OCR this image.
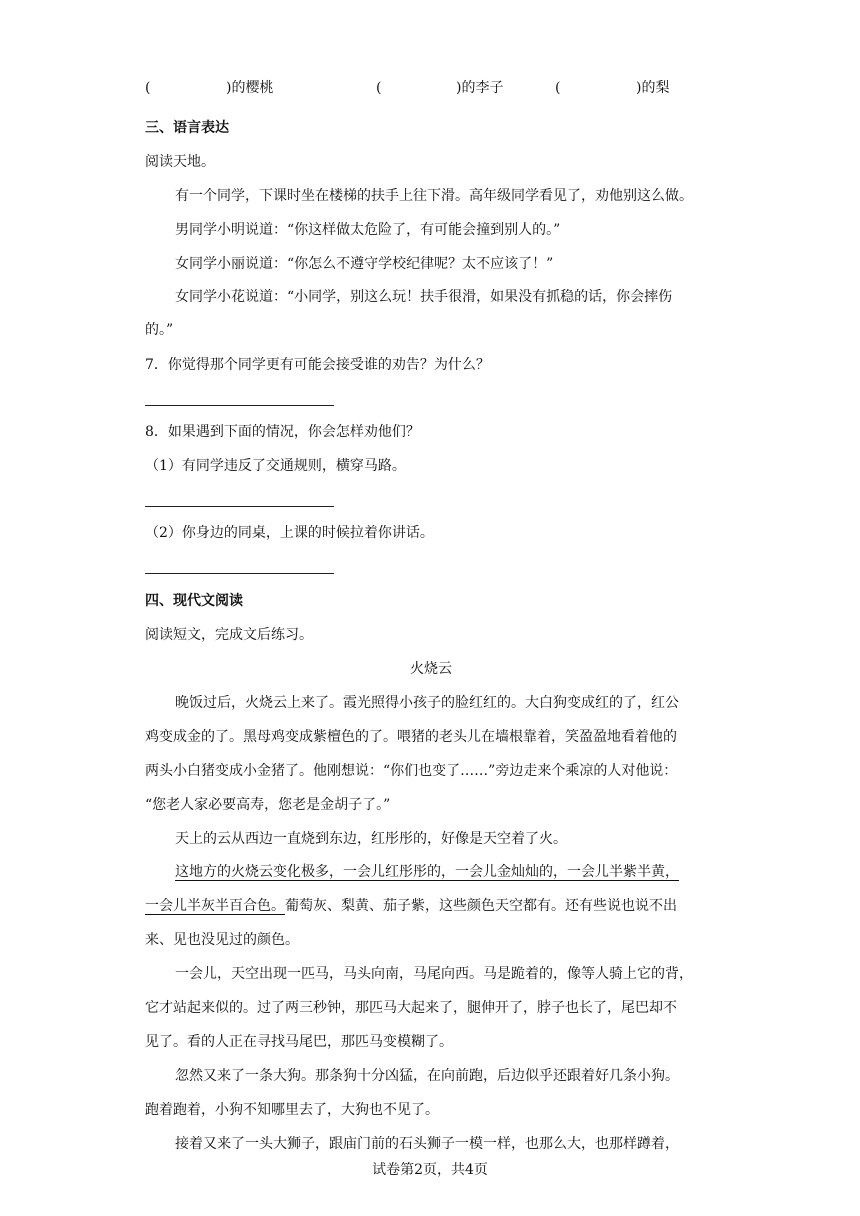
(	)的樱桃	(	)的李子	(	)的梨
三、语言表达
阅读天地。
有一个同学，下课时坐在楼梯的扶手上往下滑。高年级同学看见了，劝他别这么做。
男同学小明说道：“你这样做太危险了，有可能会撞到别人的。”
女同学小丽说道：“你怎么不遵守学校纪律呢？太不应该了！”
女同学小花说道：“小同学，别这么玩！扶手很滑，如果没有抓稳的话，你会摔伤
的。”
7．你觉得那个同学更有可能会接受谁的劝告？为什么？
8．如果遇到下面的情况，你会怎样劝他们？
（1）有同学违反了交通规则，横穿马路。
（2）你身边的同桌，上课的时候拉着你讲话。
四、现代文阅读
阅读短文，完成文后练习。
火烧云
晚饭过后，火烧云上来了。霞光照得小孩子的脸红红的。大白狗变成红的了，红公
鸡变成金的了。黑母鸡变成紫檀色的了。喂猪的老头儿在墙根靠着，笑盈盈地看着他的
两头小白猪变成小金猪了。他刚想说：“你们也变了……”旁边走来个乘凉的人对他说：
“您老人家必要高寿，您老是金胡子了。”
天上的云从西边一直烧到东边，红彤彤的，好像是天空着了火。
这地方的火烧云变化极多，一会儿红彤彤的，一会儿金灿灿的，一会儿半紫半黄，
一会儿半灰半百合色。葡萄灰、梨黄、茄子紫，这些颜色天空都有。还有些说也说不出
来、见也没见过的颜色。
一会儿，天空出现一匹马，马头向南，马尾向西。马是跪着的，像等人骑上它的背，
它才站起来似的。过了两三秒钟，那匹马大起来了，腿伸开了，脖子也长了，尾巴却不
见了。看的人正在寻找马尾巴，那匹马变模糊了。
忽然又来了一条大狗。那条狗十分凶猛，在向前跑，后边似乎还跟着好几条小狗。
跑着跑着，小狗不知哪里去了，大狗也不见了。
接着又来了一头大狮子，跟庙门前的石头狮子一模一样，也那么大，也那样蹲着，
试卷第2页，共4页
